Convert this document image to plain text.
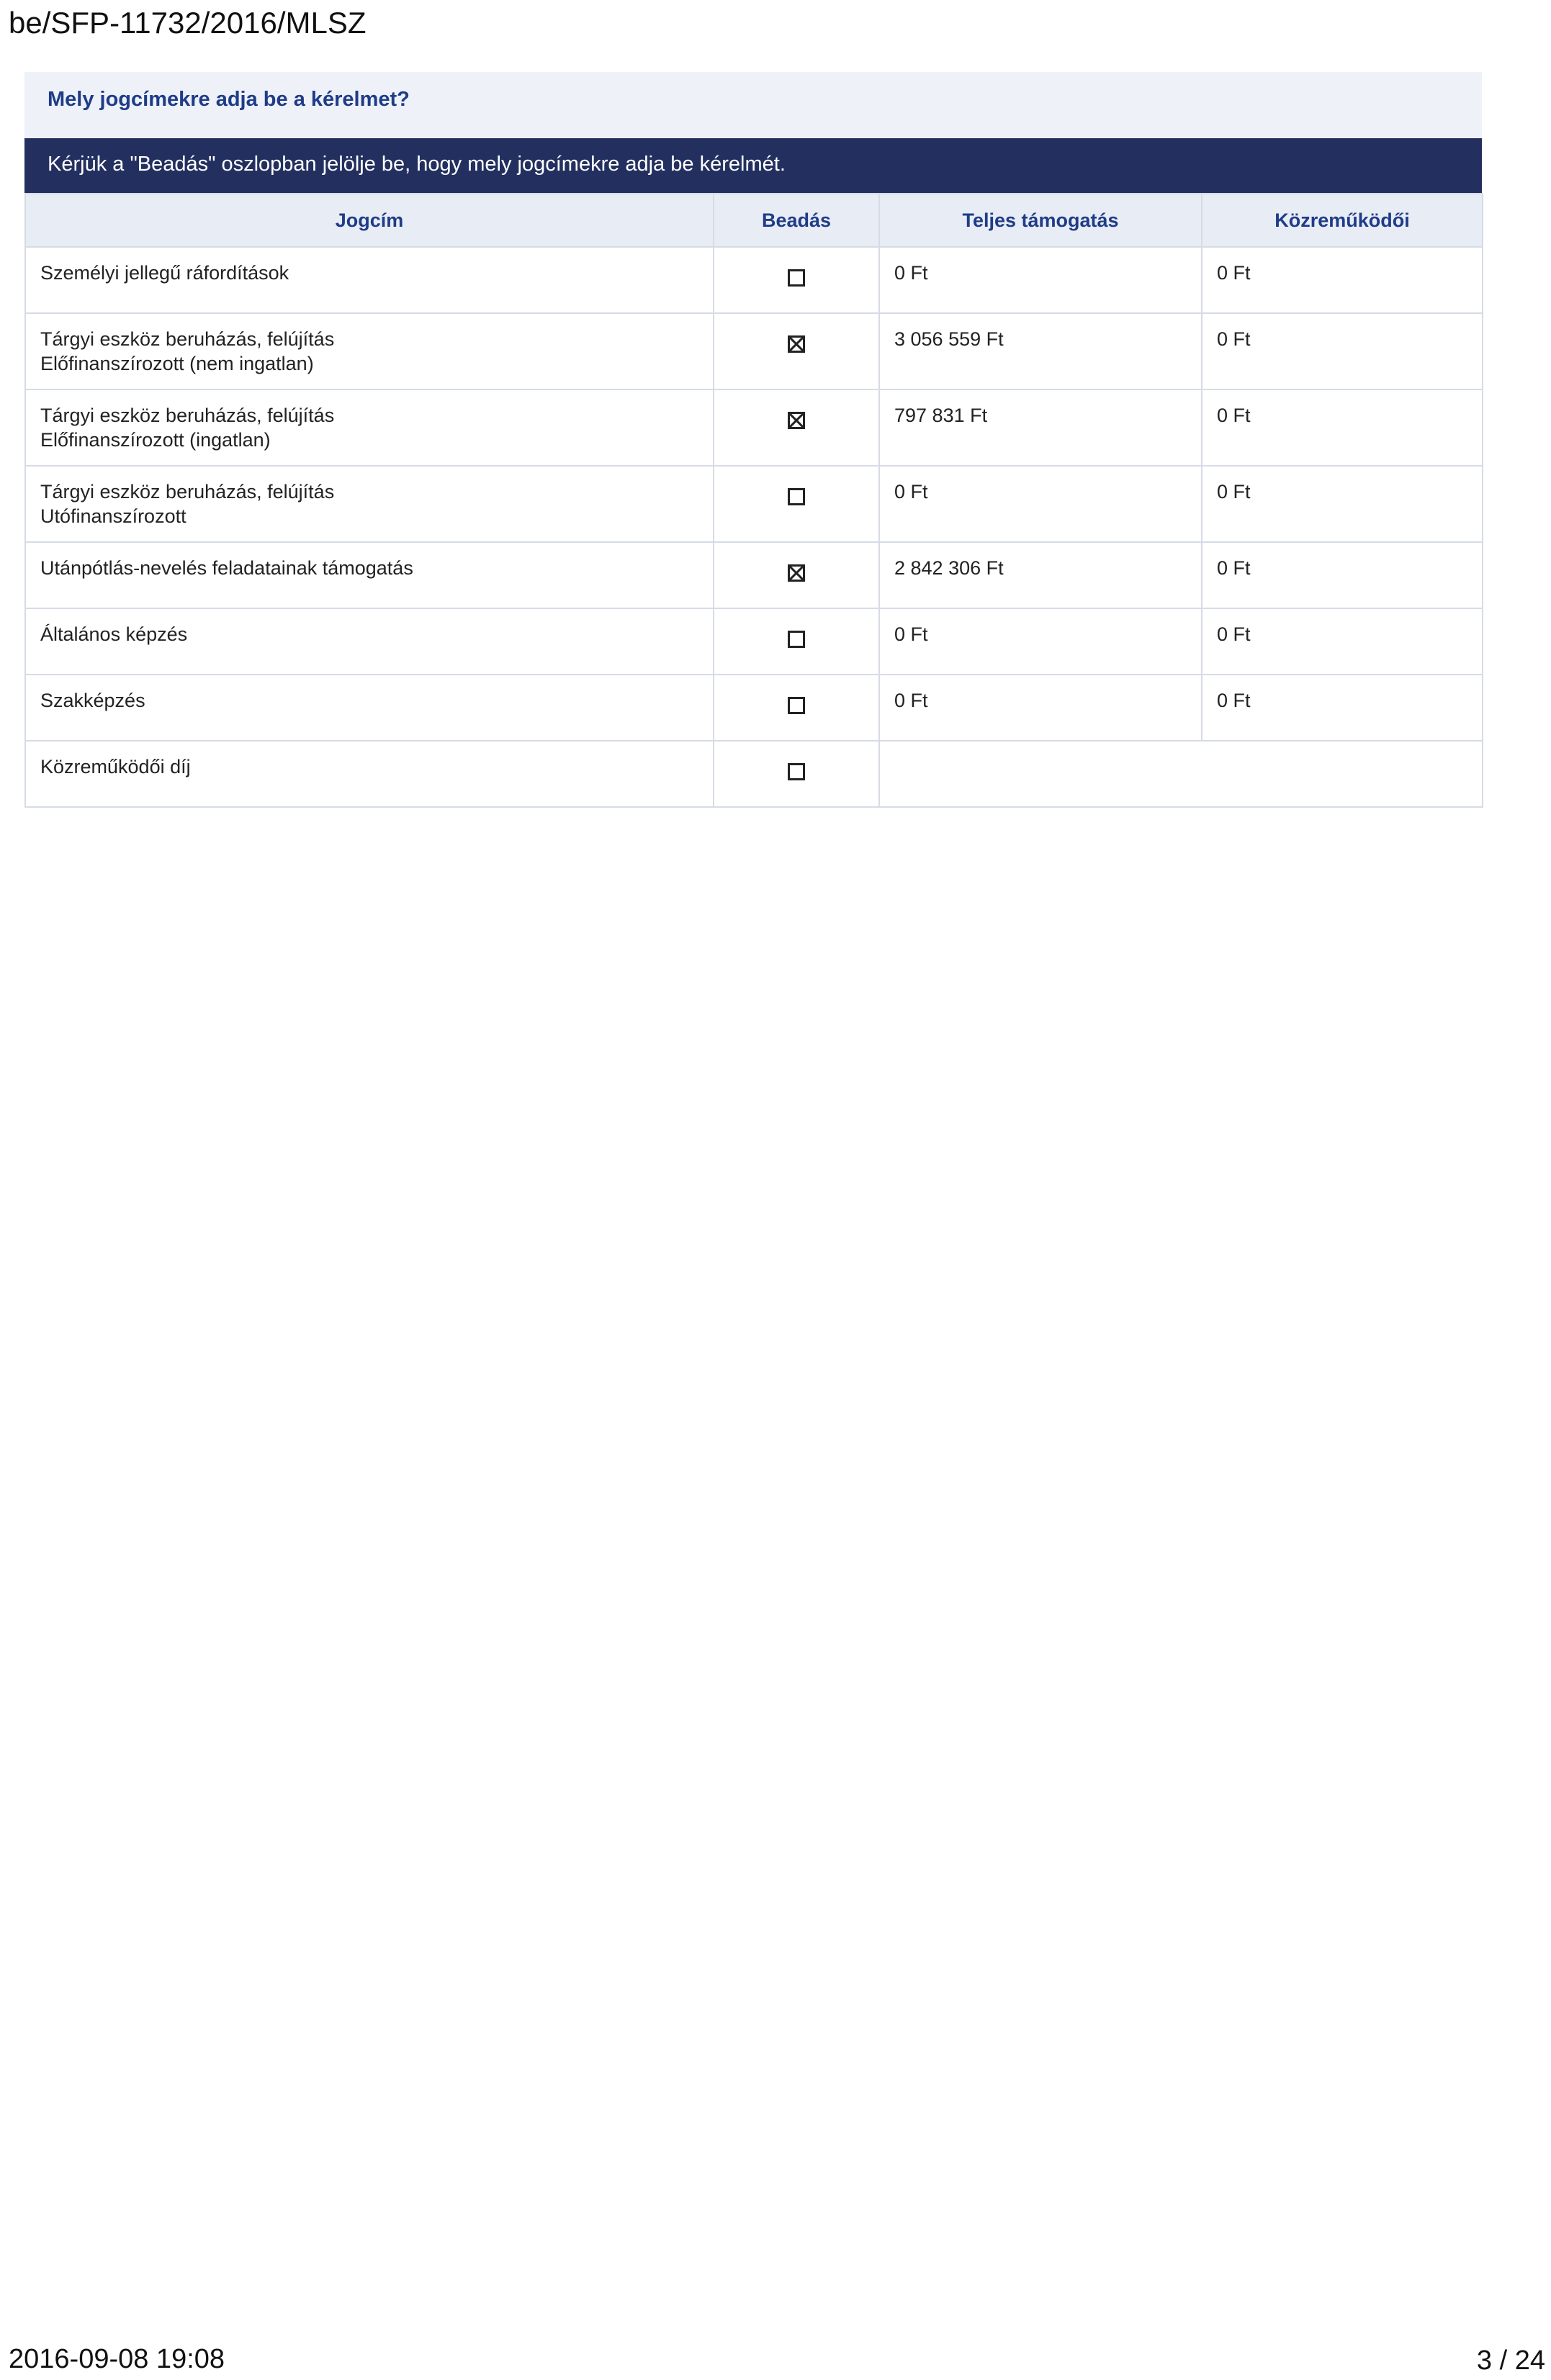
be/SFP-11732/2016/MLSZ
Mely jogcímekre adja be a kérelmet?
Kérjük a "Beadás" oszlopban jelölje be, hogy mely jogcímekre adja be kérelmét.
Jogcím	Beadás	Teljes támogatás	Közreműködői

Személyi jellegű ráfordítások		0 Ft	0 Ft

Tárgyi eszköz beruházás, felújítás
Előfinanszírozott (nem ingatlan)		3 056 559 Ft	0 Ft

Tárgyi eszköz beruházás, felújítás
Előfinanszírozott (ingatlan)		797 831 Ft	0 Ft

Tárgyi eszköz beruházás, felújítás
Utófinanszírozott		0 Ft	0 Ft

Utánpótlás-nevelés feladatainak támogatás		2 842 306 Ft	0 Ft

Általános képzés		0 Ft	0 Ft

Szakképzés		0 Ft	0 Ft

Közreműködői díj			

2016-09-08 19:08	3 / 24
